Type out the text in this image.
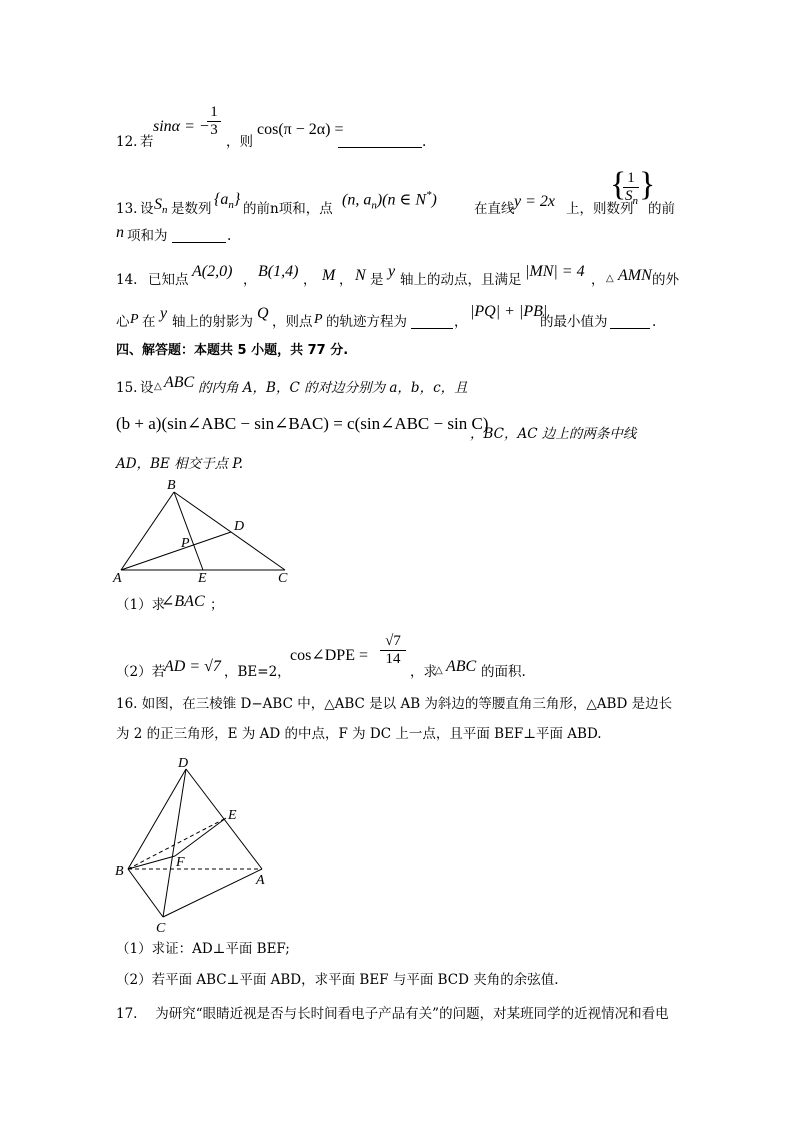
12. 若
sinα = −
1
3
，则
cos(π − 2α) =
.
13. 设 $S_n$ 是数列
$\{a_n\}$
的前n项和，点
(n, $a_n)(n$ ∈ N*)
在直线 y = 2x 上，则数列
{ 1
$S_n$ }
的前
n 项和为	.
14. 已知点 A(2,0) ， B(1,4) ， M ， N 是 y 轴上的动点，且满足 |MN| = 4 ， △ AMN 的外
心 P 在 y 轴上的射影为 Q ，则点 P 的轨迹方程为	，
|PQ| + |PB|
的最小值为	.
四、解答题：本题共 5 小题，共 77 分.
15. 设 △ ABC 的内角 A，B，C 的对边分别为 a，b，c，且
(b + a)(sin∠ABC − sin∠BAC) = c(sin∠ABC − sin C)
，BC，AC 边上的两条中线
AD，BE 相交于点 P.
A
B
C
D
E
P
（1）求
∠BAC ；
（2）若
AD = √7 ，BE=2，
cos∠DPE =
√7
14
，求
△ ABC 的面积.
16. 如图，在三棱锥 D−ABC 中，△ABC 是以 AB 为斜边的等腰直角三角形，△ABD 是边长
为 2 的正三角形，E 为 AD 的中点，F 为 DC 上一点，且平面 BEF⊥平面 ABD.
D
E
F
B
A
C
（1）求证：AD⊥平面 BEF;
（2）若平面 ABC⊥平面 ABD，求平面 BEF 与平面 BCD 夹角的余弦值.
17.　 为研究“眼睛近视是否与长时间看电子产品有关”的问题，对某班同学的近视情况和看电
